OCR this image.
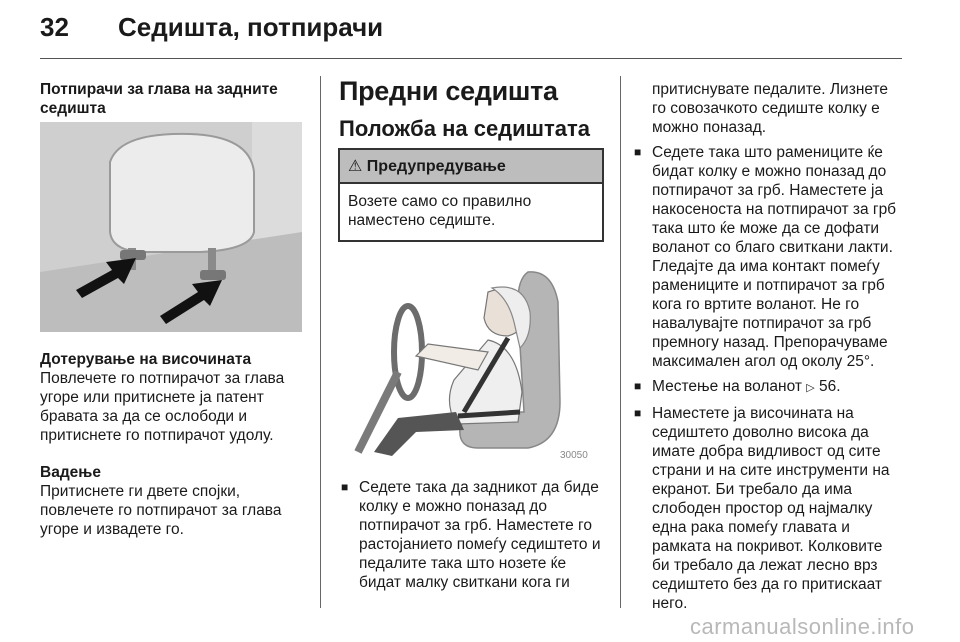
32 Седишта, потпирачи

Потпирачи за глава на задните седишта

Дотерување на височината

Повлечете го потпирачот за глава угоре или притиснете ја патент бравата за да се ослободи и притиснете го потпирачот удолу.

Вадење

Притиснете ги двете спојки, повлечете го потпирачот за глава угоре и извадете го.

Предни седишта
Положба на седиштата
⚠ Предупредување
Возете само со правилно наместено седиште.
30050
■ Седете така да задникот да биде колку е можно поназад до потпирачот за грб. Наместете го растојанието помеѓу седиштето и педалите така што нозете ќе бидат малку свиткани кога ги

притиснувате педалите. Лизнете го совозачкото седиште колку е можно поназад.

■ Седете така што рамениците ќе бидат колку е можно поназад до потпирачот за грб. Наместете ја накосеноста на потпирачот за грб така што ќе може да се дофати воланот со благо свиткани лакти. Гледајте да има контакт помеѓу рамениците и потпирачот за грб кога го вртите воланот. Не го навалувајте потпирачот за грб премногу назад. Препорачуваме максимален агол од околу 25°.
■ Местење на воланот ▷ 56.
■ Наместете ја височината на седиштето доволно висока да имате добра видливост од сите страни и на сите инструменти на екранот. Би требало да има слободен простор од најмалку една рака помеѓу главата и рамката на покривот. Колковите би требало да лежат лесно врз седиштето без да го притискаат него.
carmanualsonline.info
